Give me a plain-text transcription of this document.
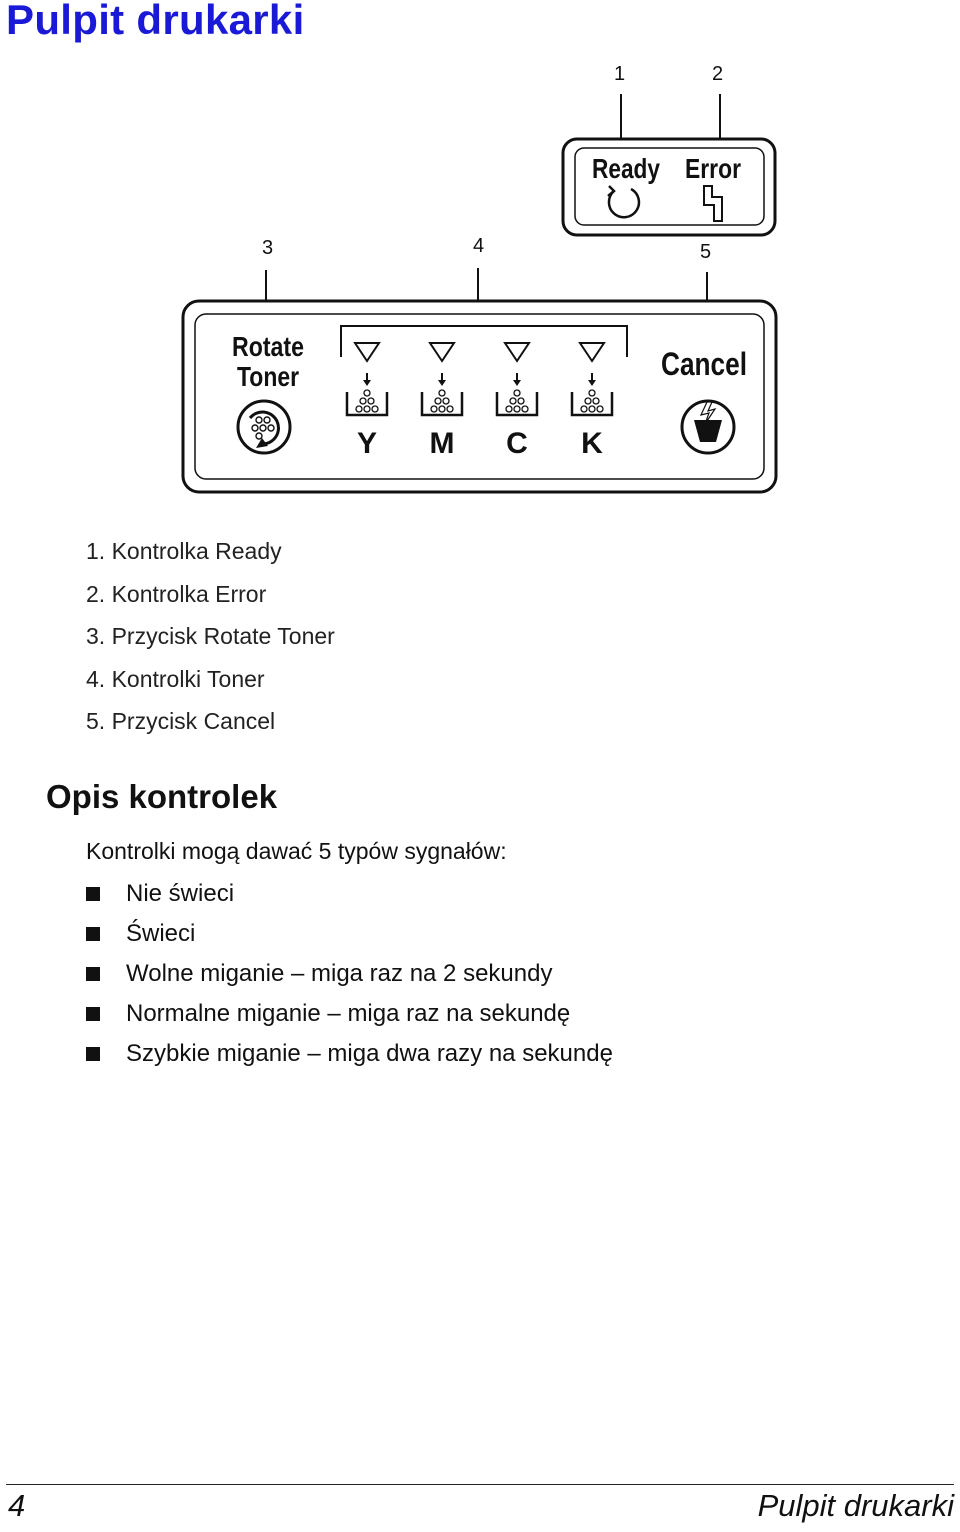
Pulpit drukarki
1	2
3	4	5
Ready Error
Rotate
Toner
Y M C K
Cancel
1. Kontrolka Ready
2. Kontrolka Error
3. Przycisk Rotate Toner
4. Kontrolki Toner
5. Przycisk Cancel
Opis kontrolek

Kontrolki mogą dawać 5 typów sygnałów:

Nie świeci
Świeci
Wolne miganie – miga raz na 2 sekundy
Normalne miganie – miga raz na sekundę
Szybkie miganie – miga dwa razy na sekundę
4	Pulpit drukarki
